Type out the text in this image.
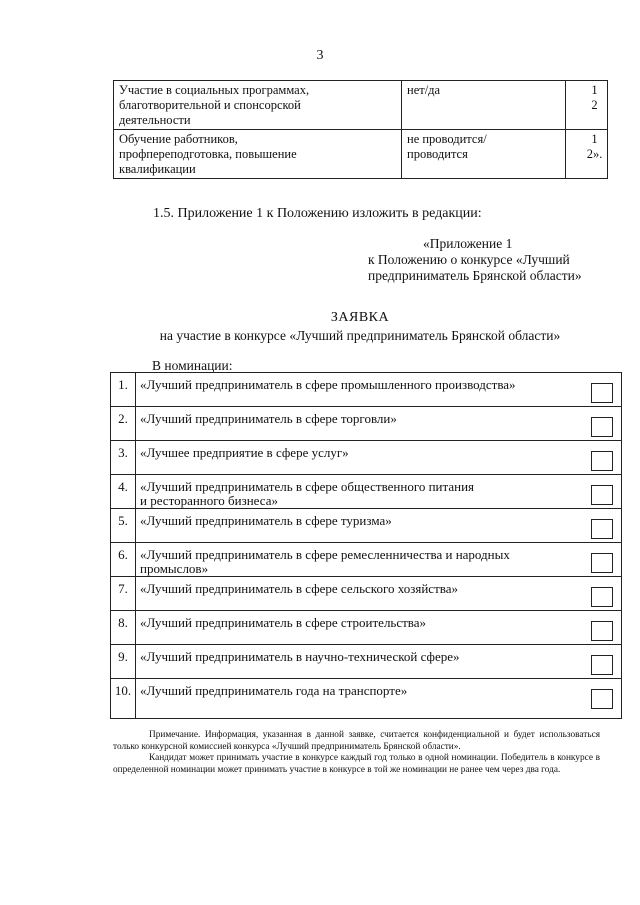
3
Участие в социальных программах,
благотворительной и спонсорской
деятельности	нет/да	1
2

Обучение работников,
профпереподготовка, повышение
квалификации	не проводится/
проводится	1
2».
1.5. Приложение 1 к Положению изложить в редакции:
«Приложение 1
к Положению о конкурсе «Лучший
предприниматель Брянской области»
ЗАЯВКА
на участие в конкурсе «Лучший предприниматель Брянской области»
В номинации:
1.	«Лучший предприниматель в сфере промышленного производства»	

2.	«Лучший предприниматель в сфере торговли»	

3.	«Лучшее предприятие в сфере услуг»	

4.	«Лучший предприниматель в сфере общественного питания
и ресторанного бизнеса»	

5.	«Лучший предприниматель в сфере туризма»	

6.	«Лучший предприниматель в сфере ремесленничества и народных
промыслов»	

7.	«Лучший предприниматель в сфере сельского хозяйства»	

8.	«Лучший предприниматель в сфере строительства»	

9.	«Лучший предприниматель в научно-технической сфере»	

10.	«Лучший предприниматель года на транспорте»	

Примечание. Информация, указанная в данной заявке, считается конфиденциальной и будет использоваться только конкурсной комиссией конкурса «Лучший предприниматель Брянской области».

Кандидат может принимать участие в конкурсе каждый год только в одной номинации. Победитель в конкурсе в определенной номинации может принимать участие в конкурсе в той же номинации не ранее чем через два года.
